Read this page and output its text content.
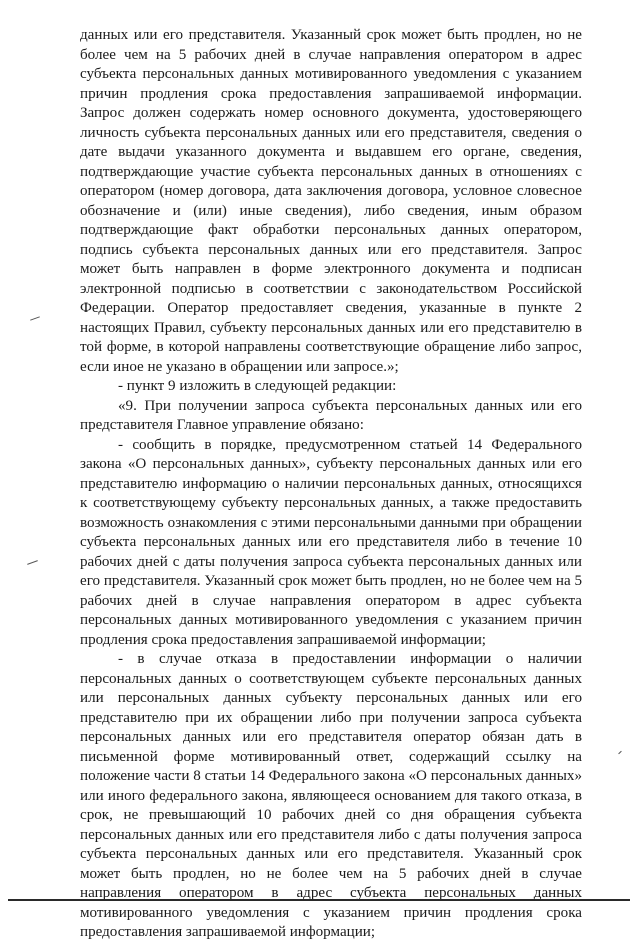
данных или его представителя. Указанный срок может быть продлен, но не более чем на 5 рабочих дней в случае направления оператором в адрес субъекта персональных данных мотивированного уведомления с указанием причин продления срока предоставления запрашиваемой информации. Запрос должен содержать номер основного документа, удостоверяющего личность субъекта персональных данных или его представителя, сведения о дате выдачи указанного документа и выдавшем его органе, сведения, подтверждающие участие субъекта персональных данных в отношениях с оператором (номер договора, дата заключения договора, условное словесное обозначение и (или) иные сведения), либо сведения, иным образом подтверждающие факт обработки персональных данных оператором, подпись субъекта персональных данных или его представителя. Запрос может быть направлен в форме электронного документа и подписан электронной подписью в соответствии с законодательством Российской Федерации. Оператор предоставляет сведения, указанные в пункте 2 настоящих Правил, субъекту персональных данных или его представителю в той форме, в которой направлены соответствующие обращение либо запрос, если иное не указано в обращении или запросе.»;

- пункт 9 изложить в следующей редакции:

«9. При получении запроса субъекта персональных данных или его представителя Главное управление обязано:

- сообщить в порядке, предусмотренном статьей 14 Федерального закона «О персональных данных», субъекту персональных данных или его представителю информацию о наличии персональных данных, относящихся к соответствующему субъекту персональных данных, а также предоставить возможность ознакомления с этими персональными данными при обращении субъекта персональных данных или его представителя либо в течение 10 рабочих дней с даты получения запроса субъекта персональных данных или его представителя. Указанный срок может быть продлен, но не более чем на 5 рабочих дней в случае направления оператором в адрес субъекта персональных данных мотивированного уведомления с указанием причин продления срока предоставления запрашиваемой информации;

- в случае отказа в предоставлении информации о наличии персональных данных о соответствующем субъекте персональных данных или персональных данных субъекту персональных данных или его представителю при их обращении либо при получении запроса субъекта персональных данных или его представителя оператор обязан дать в письменной форме мотивированный ответ, содержащий ссылку на положение части 8 статьи 14 Федерального закона «О персональных данных» или иного федерального закона, являющееся основанием для такого отказа, в срок, не превышающий 10 рабочих дней со дня обращения субъекта персональных данных или его представителя либо с даты получения запроса субъекта персональных данных или его представителя. Указанный срок может быть продлен, но не более чем на 5 рабочих дней в случае направления оператором в адрес субъекта персональных данных мотивированного уведомления с указанием причин продления срока предоставления запрашиваемой информации;
